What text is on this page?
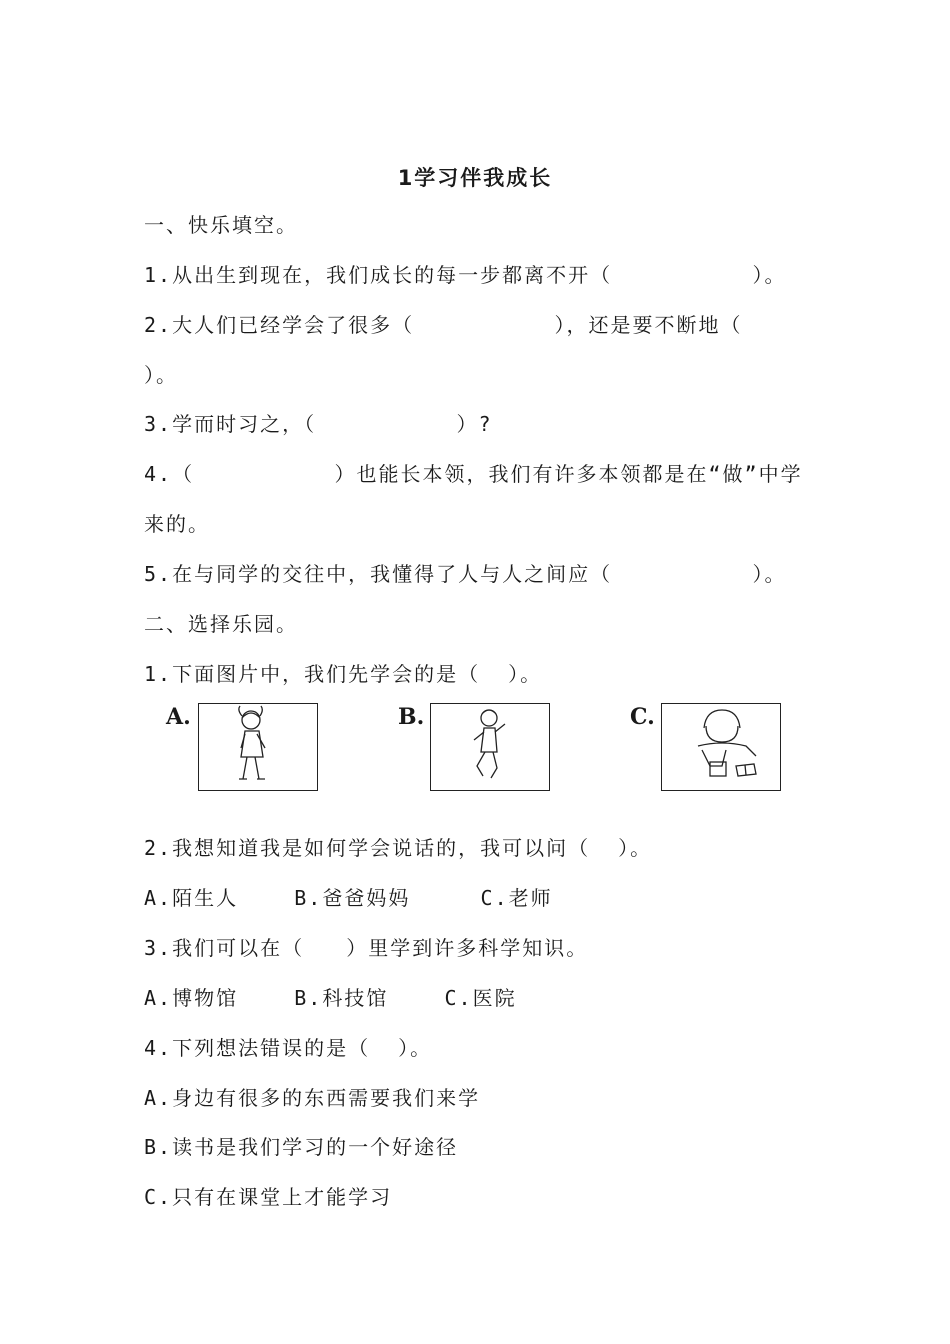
1学习伴我成长
一、快乐填空。
1.从出生到现在，我们成长的每一步都离不开（          ）。
2.大人们已经学会了很多（          ），还是要不断地（
）。
3.学而时习之，（          ）?
4.（          ）也能长本领，我们有许多本领都是在“做”中学
来的。
5.在与同学的交往中，我懂得了人与人之间应（          ）。
二、选择乐园。
1.下面图片中，我们先学会的是（  ）。
A.	B.	C.
2.我想知道我是如何学会说话的，我可以问（  ）。
A.陌生人    B.爸爸妈妈     C.老师
3.我们可以在（   ）里学到许多科学知识。
A.博物馆    B.科技馆    C.医院
4.下列想法错误的是（  ）。
A.身边有很多的东西需要我们来学
B.读书是我们学习的一个好途径
C.只有在课堂上才能学习
